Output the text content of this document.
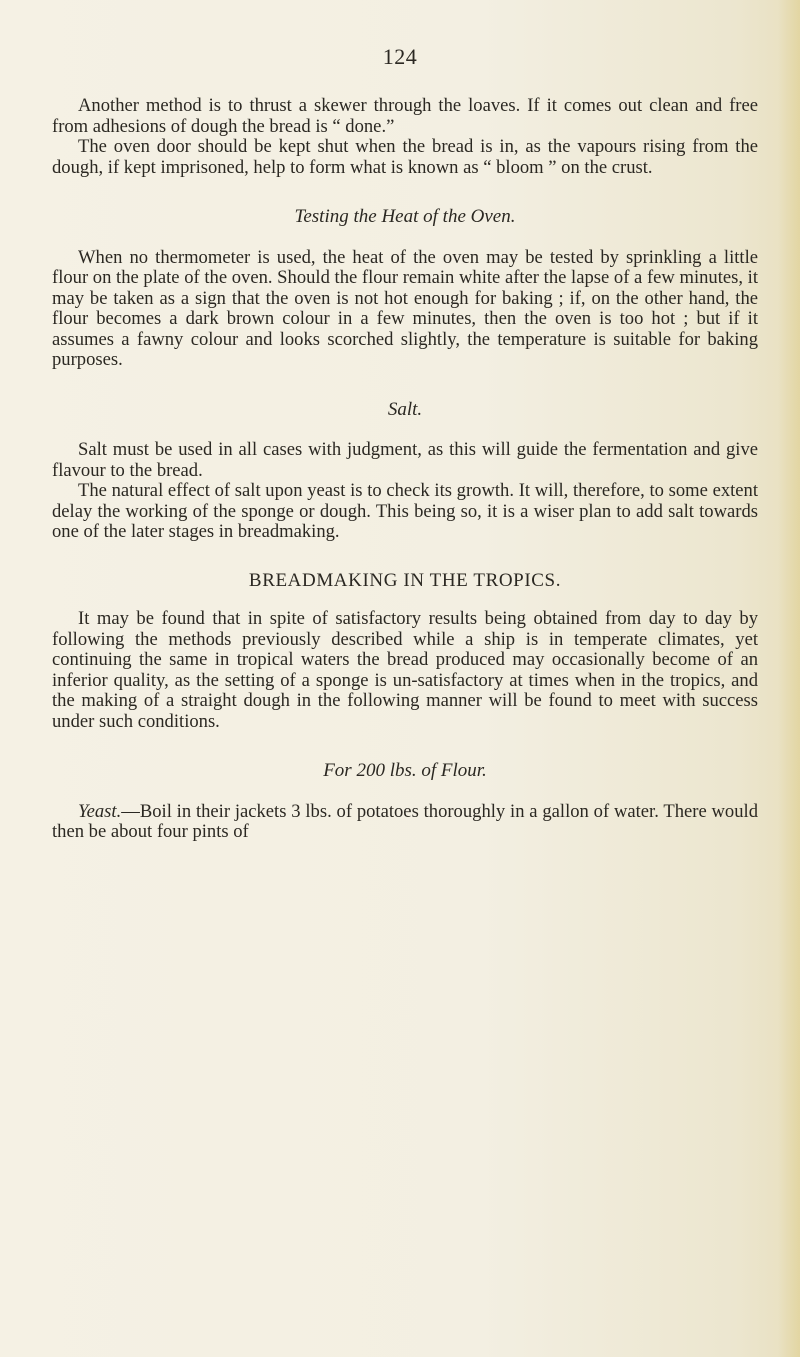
124

Another method is to thrust a skewer through the loaves. If it comes out clean and free from adhesions of dough the bread is “ done.”

The oven door should be kept shut when the bread is in, as the vapours rising from the dough, if kept imprisoned, help to form what is known as “ bloom ” on the crust.

Testing the Heat of the Oven.

When no thermometer is used, the heat of the oven may be tested by sprinkling a little flour on the plate of the oven. Should the flour remain white after the lapse of a few minutes, it may be taken as a sign that the oven is not hot enough for baking ; if, on the other hand, the flour becomes a dark brown colour in a few minutes, then the oven is too hot ; but if it assumes a fawny colour and looks scorched slightly, the temperature is suitable for baking purposes.

Salt.

Salt must be used in all cases with judgment, as this will guide the fermentation and give flavour to the bread.

The natural effect of salt upon yeast is to check its growth. It will, therefore, to some extent delay the working of the sponge or dough. This being so, it is a wiser plan to add salt towards one of the later stages in breadmaking.

BREADMAKING IN THE TROPICS.

It may be found that in spite of satisfactory results being obtained from day to day by following the methods previously described while a ship is in temperate climates, yet continuing the same in tropical waters the bread produced may occasionally become of an inferior quality, as the setting of a sponge is un-satisfactory at times when in the tropics, and the making of a straight dough in the following manner will be found to meet with success under such conditions.

For 200 lbs. of Flour.

Yeast.—Boil in their jackets 3 lbs. of potatoes thoroughly in a gallon of water. There would then be about four pints of
